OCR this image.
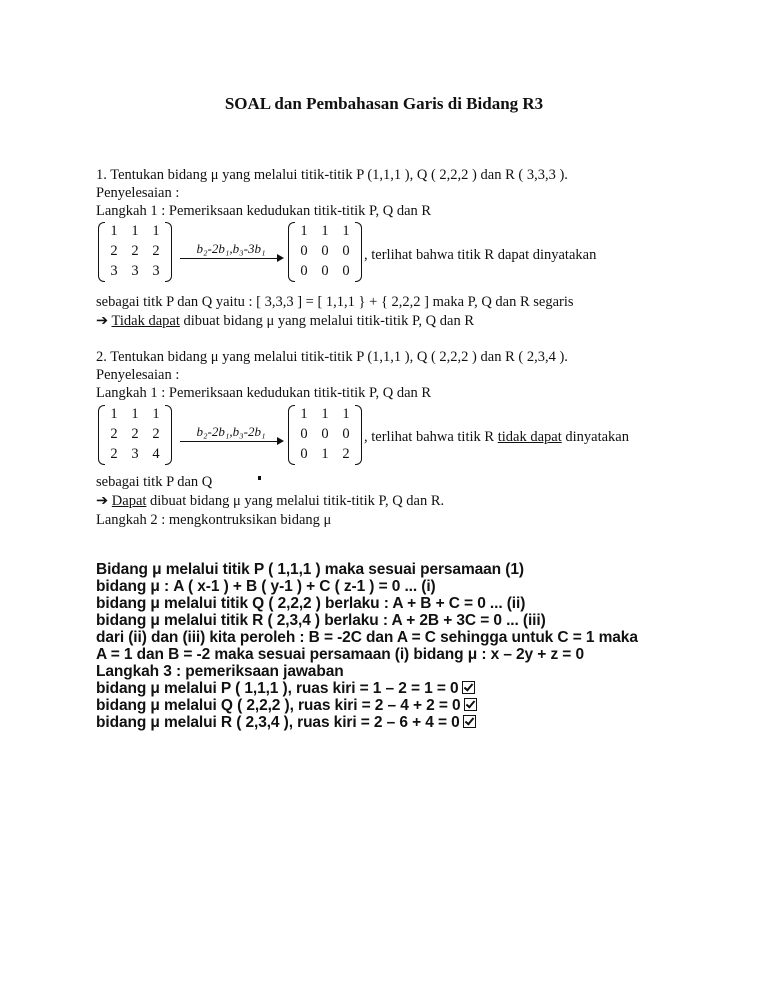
SOAL dan Pembahasan Garis di Bidang R3
1. Tentukan bidang μ yang melalui titik-titik P (1,1,1 ), Q ( 2,2,2 ) dan R ( 3,3,3 ).
Penyelesaian :
Langkah 1 : Pemeriksaan kedudukan titik-titik P, Q dan R
1 1 1
2 2 2
3 3 3
b₂-2b₁,b₃-3b₁
1 1 1
0 0 0
0 0 0
, terlihat bahwa titik R dapat dinyatakan
sebagai titk P dan Q yaitu : [ 3,3,3 ] = [ 1,1,1 } + { 2,2,2 ] maka P, Q dan R segaris
➔ Tidak dapat dibuat bidang μ yang melalui titik-titik P, Q dan R
2. Tentukan bidang μ yang melalui titik-titik P (1,1,1 ), Q ( 2,2,2 ) dan R ( 2,3,4 ).
Penyelesaian :
Langkah 1 : Pemeriksaan kedudukan titik-titik P, Q dan R
1 1 1
2 2 2
2 3 4
b₂-2b₁,b₃-2b₁
1 1 1
0 0 0
0 1 2
, terlihat bahwa titik R tidak dapat dinyatakan
sebagai titk P dan Q
➔ Dapat dibuat bidang μ yang melalui titik-titik P, Q dan R.
Langkah 2 : mengkontruksikan bidang μ
Bidang μ melalui titik P ( 1,1,1 ) maka sesuai persamaan (1)
bidang μ : A ( x-1 ) + B ( y-1 ) + C ( z-1 ) = 0 ... (i)
bidang μ melalui titik Q ( 2,2,2 ) berlaku : A + B + C = 0 ... (ii)
bidang μ melalui titik R ( 2,3,4 ) berlaku : A + 2B + 3C = 0 ... (iii)
dari (ii) dan (iii) kita peroleh : B = -2C dan A = C sehingga untuk C = 1 maka
A = 1 dan B = -2 maka sesuai persamaan (i) bidang μ : x – 2y + z = 0
Langkah 3 : pemeriksaan jawaban
bidang μ melalui P ( 1,1,1 ), ruas kiri = 1 – 2 = 1 = 0
bidang μ melalui Q ( 2,2,2 ), ruas kiri = 2 – 4 + 2 = 0
bidang μ melalui R ( 2,3,4 ), ruas kiri = 2 – 6 + 4 = 0
